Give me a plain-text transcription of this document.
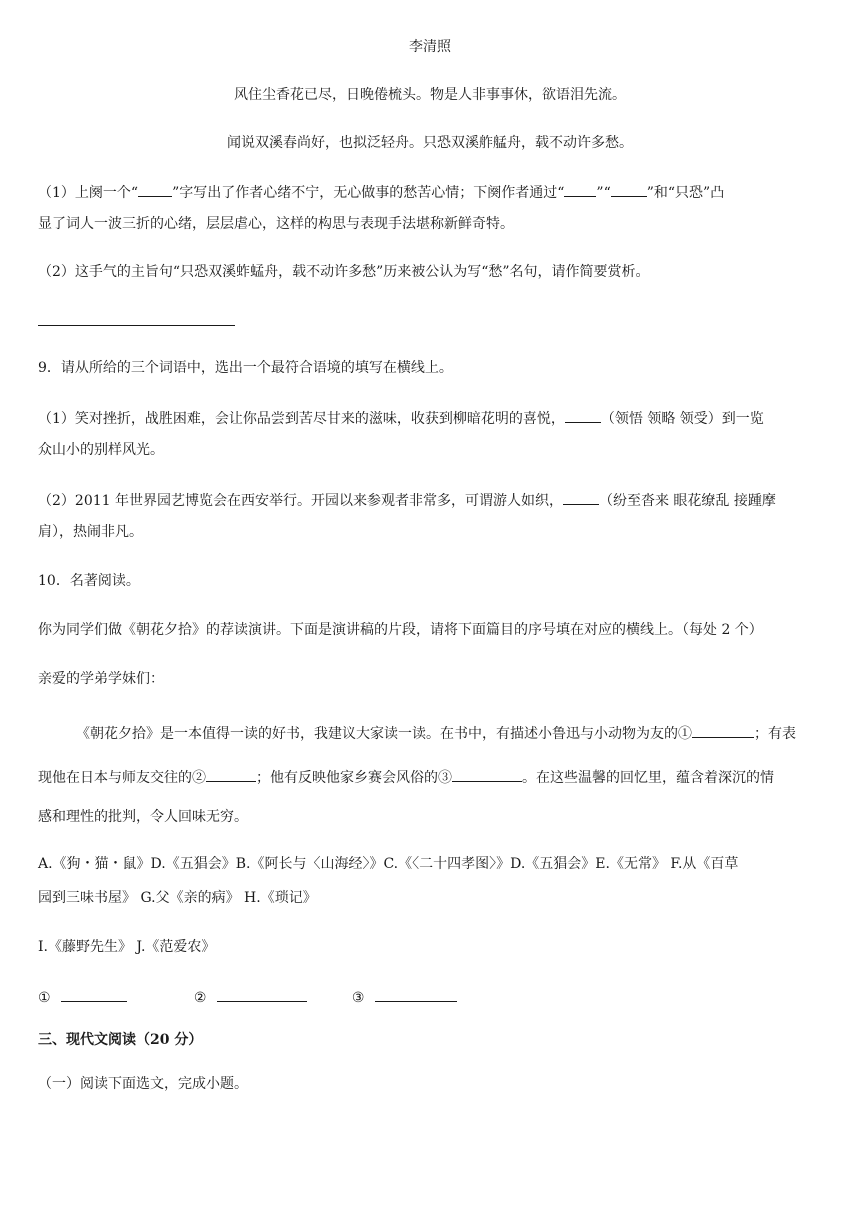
李清照
风住尘香花已尽，日晚倦梳头。物是人非事事休，欲语泪先流。
闻说双溪春尚好，也拟泛轻舟。只恐双溪舴艋舟，载不动许多愁。
（1）上阕一个“ ”字写出了作者心绪不宁，无心做事的愁苦心情；下阕作者通过“ ”“	”和“只恐”凸
显了词人一波三折的心绪，层层虐心，这样的构思与表现手法堪称新鲜奇特。
（2）这手气的主旨句“只恐双溪蚱蜢舟，载不动许多愁”历来被公认为写“愁”名句，请作简要赏析。
9．请从所给的三个词语中，选出一个最符合语境的填写在横线上。
（1）笑对挫折，战胜困难，会让你品尝到苦尽甘来的滋味，收获到柳暗花明的喜悦，	（领悟 领略 领受）到一览
众山小的别样风光。
（2）2011 年世界园艺博览会在西安举行。开园以来参观者非常多，可谓游人如织，	（纷至沓来 眼花缭乱 接踵摩
肩），热闹非凡。
10．名著阅读。
你为同学们做《朝花夕拾》的荐读演讲。下面是演讲稿的片段，请将下面篇目的序号填在对应的横线上。（每处 2 个）
亲爱的学弟学妹们：
《朝花夕拾》是一本值得一读的好书，我建议大家读一读。在书中，有描述小鲁迅与小动物为友的①	；有表
现他在日本与师友交往的②	；他有反映他家乡赛会风俗的③	。在这些温馨的回忆里，蕴含着深沉的情
感和理性的批判，令人回味无穷。
A.《狗・猫・鼠》D.《五猖会》B.《阿长与〈山海经〉》C.《〈二十四孝图〉》D.《五猖会》E.《无常》 F.从《百草
园到三味书屋》 G.父《亲的病》 H.《琐记》
I.《藤野先生》 J.《范爱农》
①	②	③
三、现代文阅读（20 分）
（一）阅读下面选文，完成小题。
